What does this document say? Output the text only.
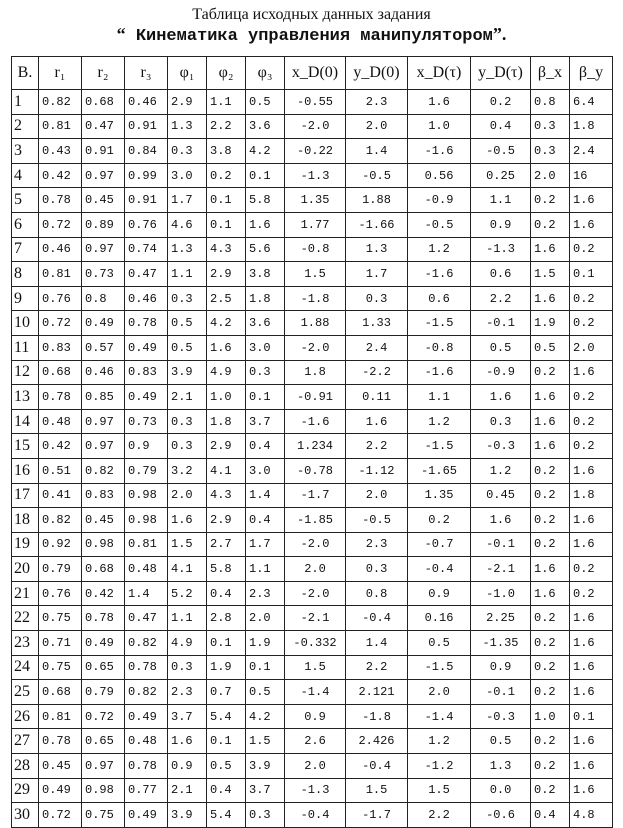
Таблица исходных данных задания
“ Кинематика управления манипулятором”.
В.	r₁	r₂	r₃	φ₁	φ₂	φ₃	x_D(0)	y_D(0)	x_D(τ)	y_D(τ)	β_x	β_y
1	0.82	0.68	0.46	2.9	1.1	0.5	-0.55	2.3	1.6	0.2	0.8	6.4
2	0.81	0.47	0.91	1.3	2.2	3.6	-2.0	2.0	1.0	0.4	0.3	1.8
3	0.43	0.91	0.84	0.3	3.8	4.2	-0.22	1.4	-1.6	-0.5	0.3	2.4
4	0.42	0.97	0.99	3.0	0.2	0.1	-1.3	-0.5	0.56	0.25	2.0	16
5	0.78	0.45	0.91	1.7	0.1	5.8	1.35	1.88	-0.9	1.1	0.2	1.6
6	0.72	0.89	0.76	4.6	0.1	1.6	1.77	-1.66	-0.5	0.9	0.2	1.6
7	0.46	0.97	0.74	1.3	4.3	5.6	-0.8	1.3	1.2	-1.3	1.6	0.2
8	0.81	0.73	0.47	1.1	2.9	3.8	1.5	1.7	-1.6	0.6	1.5	0.1
9	0.76	0.8	0.46	0.3	2.5	1.8	-1.8	0.3	0.6	2.2	1.6	0.2
10	0.72	0.49	0.78	0.5	4.2	3.6	1.88	1.33	-1.5	-0.1	1.9	0.2
11	0.83	0.57	0.49	0.5	1.6	3.0	-2.0	2.4	-0.8	0.5	0.5	2.0
12	0.68	0.46	0.83	3.9	4.9	0.3	1.8	-2.2	-1.6	-0.9	0.2	1.6
13	0.78	0.85	0.49	2.1	1.0	0.1	-0.91	0.11	1.1	1.6	1.6	0.2
14	0.48	0.97	0.73	0.3	1.8	3.7	-1.6	1.6	1.2	0.3	1.6	0.2
15	0.42	0.97	0.9	0.3	2.9	0.4	1.234	2.2	-1.5	-0.3	1.6	0.2
16	0.51	0.82	0.79	3.2	4.1	3.0	-0.78	-1.12	-1.65	1.2	0.2	1.6
17	0.41	0.83	0.98	2.0	4.3	1.4	-1.7	2.0	1.35	0.45	0.2	1.8
18	0.82	0.45	0.98	1.6	2.9	0.4	-1.85	-0.5	0.2	1.6	0.2	1.6
19	0.92	0.98	0.81	1.5	2.7	1.7	-2.0	2.3	-0.7	-0.1	0.2	1.6
20	0.79	0.68	0.48	4.1	5.8	1.1	2.0	0.3	-0.4	-2.1	1.6	0.2
21	0.76	0.42	1.4	5.2	0.4	2.3	-2.0	0.8	0.9	-1.0	1.6	0.2
22	0.75	0.78	0.47	1.1	2.8	2.0	-2.1	-0.4	0.16	2.25	0.2	1.6
23	0.71	0.49	0.82	4.9	0.1	1.9	-0.332	1.4	0.5	-1.35	0.2	1.6
24	0.75	0.65	0.78	0.3	1.9	0.1	1.5	2.2	-1.5	0.9	0.2	1.6
25	0.68	0.79	0.82	2.3	0.7	0.5	-1.4	2.121	2.0	-0.1	0.2	1.6
26	0.81	0.72	0.49	3.7	5.4	4.2	0.9	-1.8	-1.4	-0.3	1.0	0.1
27	0.78	0.65	0.48	1.6	0.1	1.5	2.6	2.426	1.2	0.5	0.2	1.6
28	0.45	0.97	0.78	0.9	0.5	3.9	2.0	-0.4	-1.2	1.3	0.2	1.6
29	0.49	0.98	0.77	2.1	0.4	3.7	-1.3	1.5	1.5	0.0	0.2	1.6
30	0.72	0.75	0.49	3.9	5.4	0.3	-0.4	-1.7	2.2	-0.6	0.4	4.8
